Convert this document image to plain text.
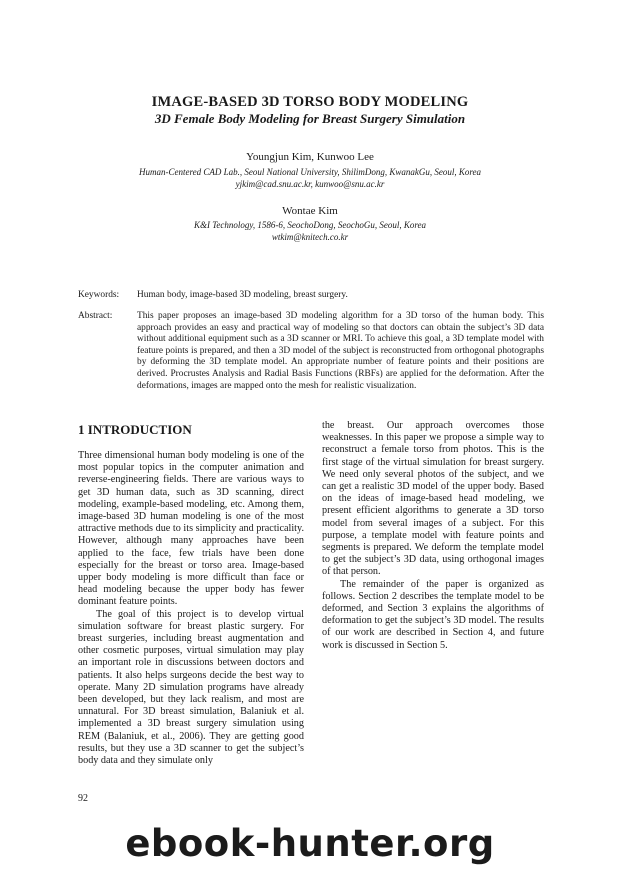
IMAGE-BASED 3D TORSO BODY MODELING
3D Female Body Modeling for Breast Surgery Simulation
Youngjun Kim, Kunwoo Lee
Human-Centered CAD Lab., Seoul National University, ShilimDong, KwanakGu, Seoul, Korea
yjkim@cad.snu.ac.kr, kunwoo@snu.ac.kr
Wontae Kim
K&I Technology, 1586-6, SeochoDong, SeochoGu, Seoul, Korea
wtkim@knitech.co.kr
Keywords:	Human body, image-based 3D modeling, breast surgery.
Abstract:	This paper proposes an image-based 3D modeling algorithm for a 3D torso of the human body. This approach provides an easy and practical way of modeling so that doctors can obtain the subject’s 3D data without additional equipment such as a 3D scanner or MRI. To achieve this goal, a 3D template model with feature points is prepared, and then a 3D model of the subject is reconstructed from orthogonal photographs by deforming the 3D template model. An appropriate number of feature points and their positions are derived. Procrustes Analysis and Radial Basis Functions (RBFs) are applied for the deformation. After the deformations, images are mapped onto the mesh for realistic visualization.
1 INTRODUCTION

Three dimensional human body modeling is one of the most popular topics in the computer animation and reverse-engineering fields. There are various ways to get 3D human data, such as 3D scanning, direct modeling, example-based modeling, etc. Among them, image-based 3D human modeling is one of the most attractive methods due to its simplicity and practicality. However, although many approaches have been applied to the face, few trials have been done especially for the breast or torso area. Image-based upper body modeling is more difficult than face or head modeling because the upper body has fewer dominant feature points.

The goal of this project is to develop virtual simulation software for breast plastic surgery. For breast surgeries, including breast augmentation and other cosmetic purposes, virtual simulation may play an important role in discussions between doctors and patients. It also helps surgeons decide the best way to operate. Many 2D simulation programs have already been developed, but they lack realism, and most are unnatural. For 3D breast simulation, Balaniuk et al. implemented a 3D breast surgery simulation using REM (Balaniuk, et al., 2006). They are getting good results, but they use a 3D scanner to get the subject’s body data and they simulate only

the breast. Our approach overcomes those weaknesses. In this paper we propose a simple way to reconstruct a female torso from photos. This is the first stage of the virtual simulation for breast surgery. We need only several photos of the subject, and we can get a realistic 3D model of the upper body. Based on the ideas of image-based head modeling, we present efficient algorithms to generate a 3D torso model from several images of a subject. For this purpose, a template model with feature points and segments is prepared. We deform the template model to get the subject’s 3D data, using orthogonal images of that person.

The remainder of the paper is organized as follows. Section 2 describes the template model to be deformed, and Section 3 explains the algorithms of deformation to get the subject’s 3D model. The results of our work are described in Section 4, and future work is discussed in Section 5.

92
ebook-hunter.org
